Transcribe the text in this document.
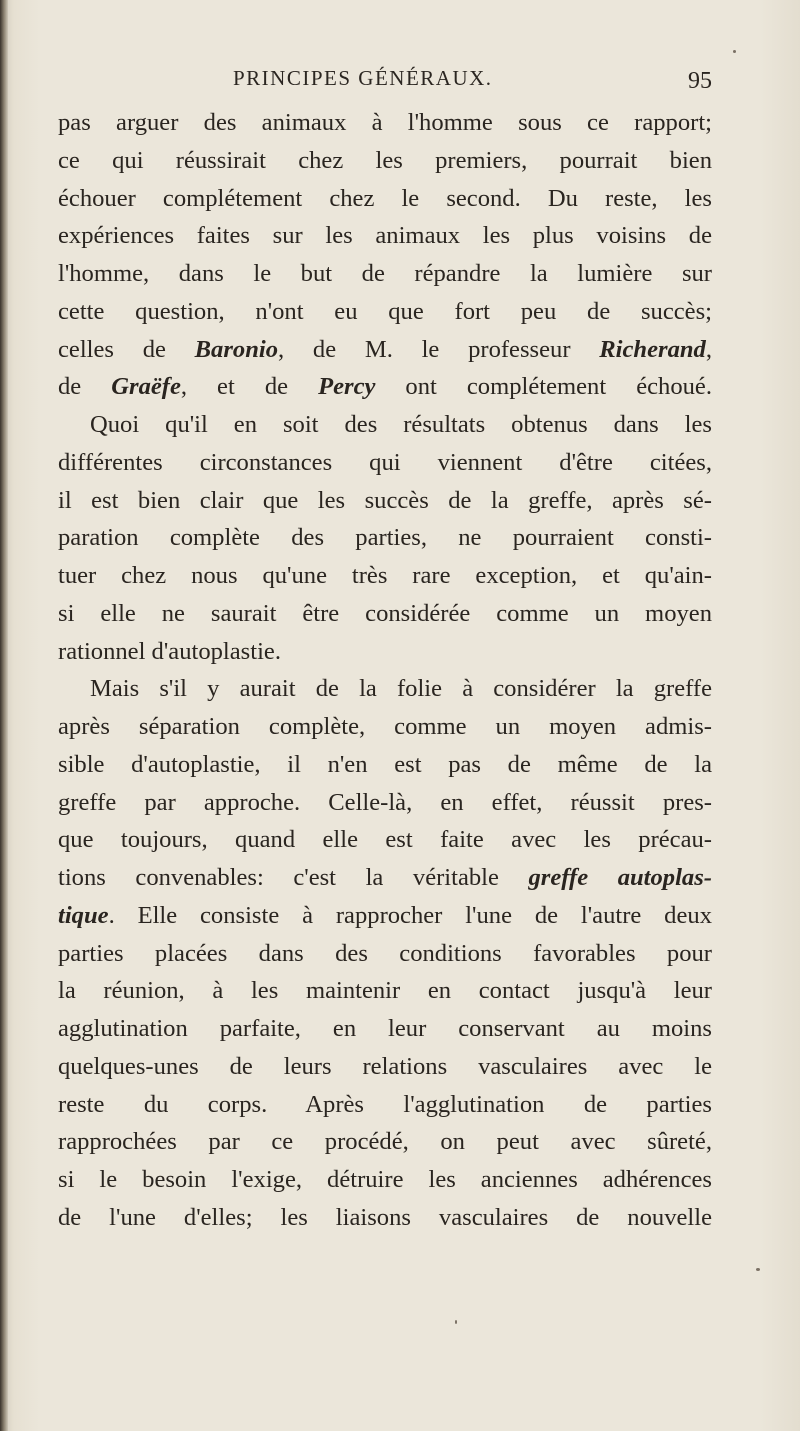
PRINCIPES GÉNÉRAUX.	95
pas arguer des animaux à l'homme sous ce rapport;
ce qui réussirait chez les premiers, pourrait bien
échouer complétement chez le second. Du reste, les
expériences faites sur les animaux les plus voisins de
l'homme, dans le but de répandre la lumière sur
cette question, n'ont eu que fort peu de succès;
celles de Baronio, de M. le professeur Richerand,
de Graëfe, et de Percy ont complétement échoué.
Quoi qu'il en soit des résultats obtenus dans les
différentes circonstances qui viennent d'être citées,
il est bien clair que les succès de la greffe, après sé-
paration complète des parties, ne pourraient consti-
tuer chez nous qu'une très rare exception, et qu'ain-
si elle ne saurait être considérée comme un moyen
rationnel d'autoplastie.
Mais s'il y aurait de la folie à considérer la greffe
après séparation complète, comme un moyen admis-
sible d'autoplastie, il n'en est pas de même de la
greffe par approche. Celle-là, en effet, réussit pres-
que toujours, quand elle est faite avec les précau-
tions convenables: c'est la véritable greffe autoplas-
tique. Elle consiste à rapprocher l'une de l'autre deux
parties placées dans des conditions favorables pour
la réunion, à les maintenir en contact jusqu'à leur
agglutination parfaite, en leur conservant au moins
quelques-unes de leurs relations vasculaires avec le
reste du corps. Après l'agglutination de parties
rapprochées par ce procédé, on peut avec sûreté,
si le besoin l'exige, détruire les anciennes adhérences
de l'une d'elles; les liaisons vasculaires de nouvelle
